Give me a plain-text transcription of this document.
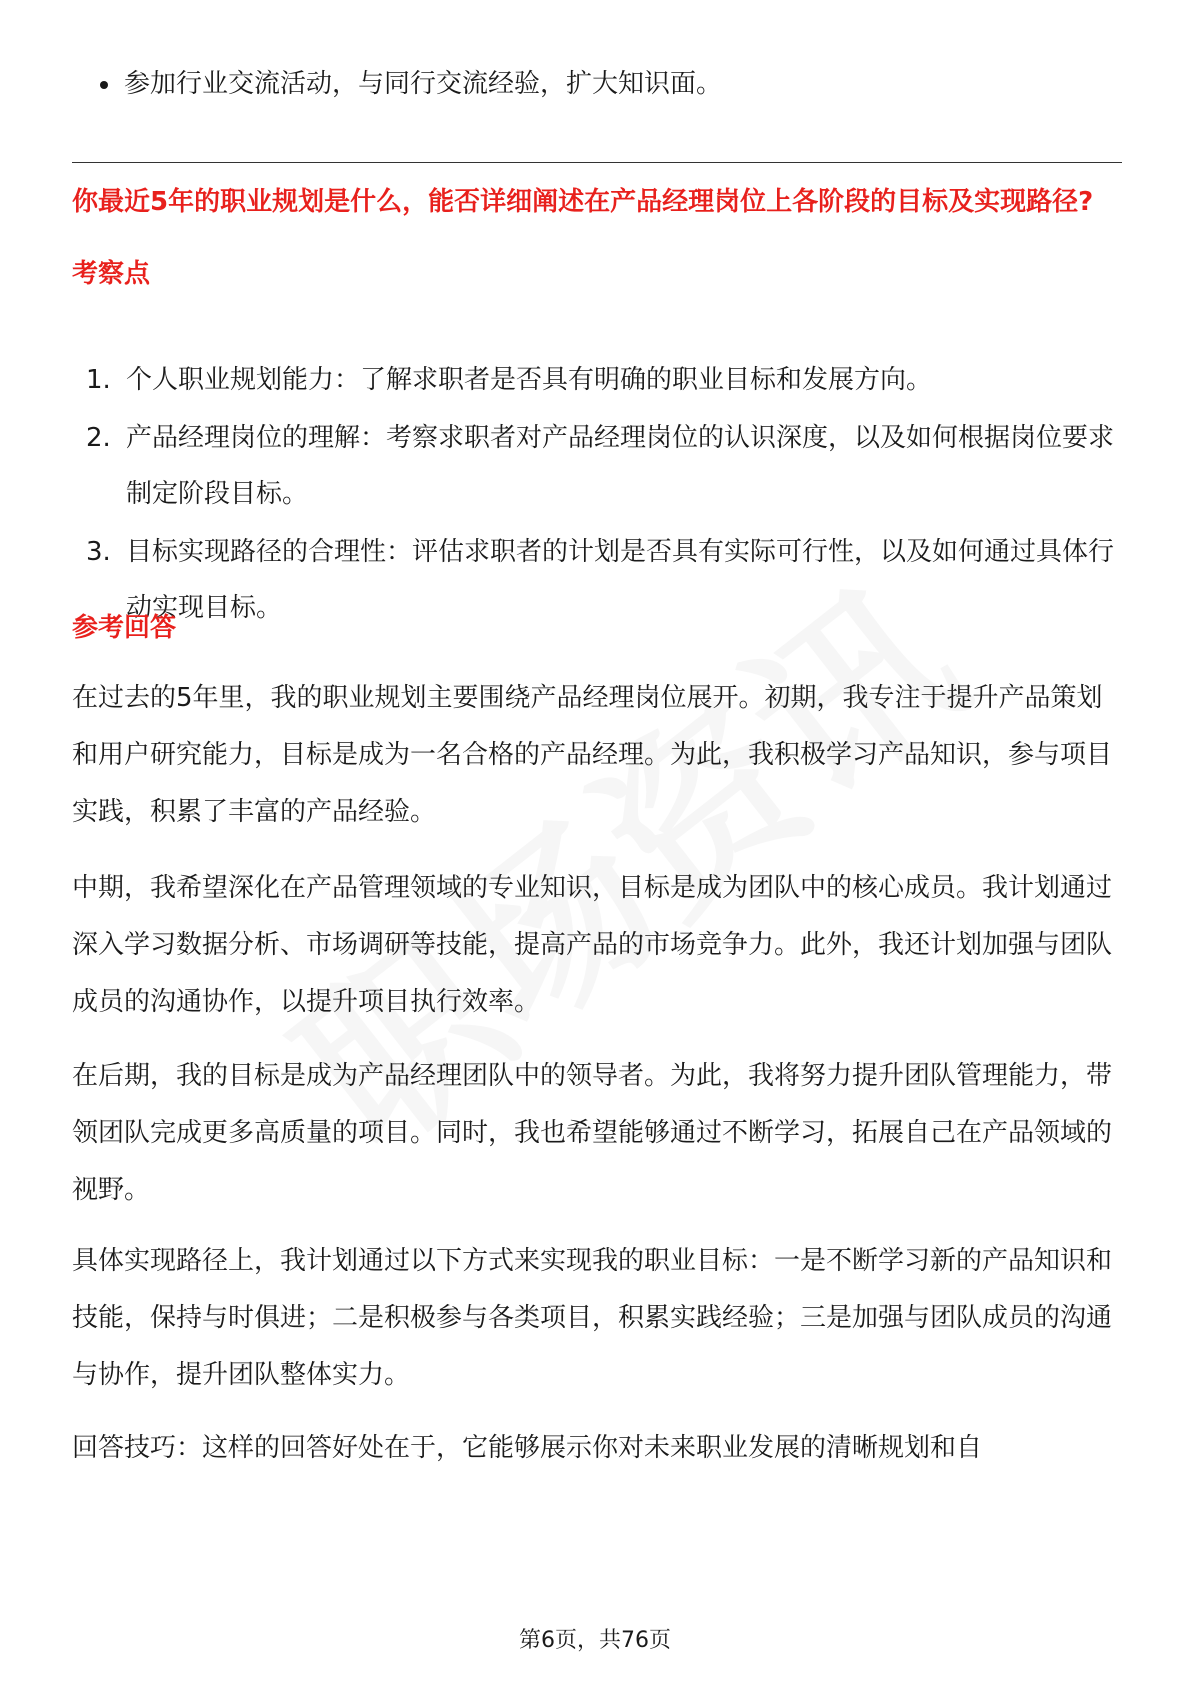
参加行业交流活动，与同行交流经验，扩大知识面。
你最近5年的职业规划是什么，能否详细阐述在产品经理岗位上各阶段的目标及实现路径?
考察点
1. 个人职业规划能力：了解求职者是否具有明确的职业目标和发展方向。
2. 产品经理岗位的理解：考察求职者对产品经理岗位的认识深度，以及如何根据岗位要求制定阶段目标。
3. 目标实现路径的合理性：评估求职者的计划是否具有实际可行性，以及如何通过具体行动实现目标。
参考回答

在过去的5年里，我的职业规划主要围绕产品经理岗位展开。初期，我专注于提升产品策划和用户研究能力，目标是成为一名合格的产品经理。为此，我积极学习产品知识，参与项目实践，积累了丰富的产品经验。

中期，我希望深化在产品管理领域的专业知识，目标是成为团队中的核心成员。我计划通过深入学习数据分析、市场调研等技能，提高产品的市场竞争力。此外，我还计划加强与团队成员的沟通协作，以提升项目执行效率。

在后期，我的目标是成为产品经理团队中的领导者。为此，我将努力提升团队管理能力，带领团队完成更多高质量的项目。同时，我也希望能够通过不断学习，拓展自己在产品领域的视野。

具体实现路径上，我计划通过以下方式来实现我的职业目标：一是不断学习新的产品知识和技能，保持与时俱进；二是积极参与各类项目，积累实践经验；三是加强与团队成员的沟通与协作，提升团队整体实力。

回答技巧：这样的回答好处在于，它能够展示你对未来职业发展的清晰规划和自

第6页，共76页
